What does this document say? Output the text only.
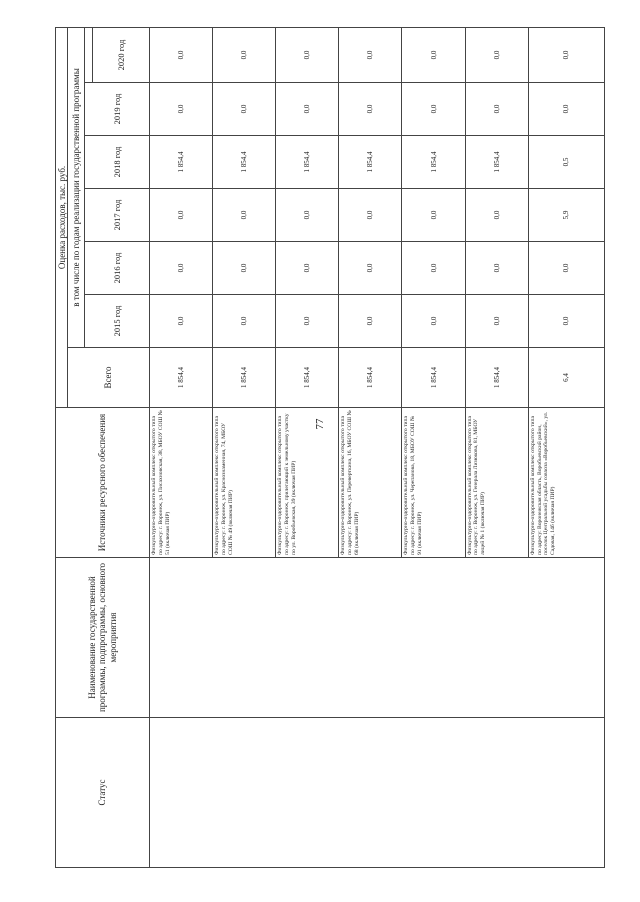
77
Статус	Наименование государственной программы, подпрограммы, основного мероприятия	Источники ресурсного обеспечения	Оценка расходов, тыс. руб.						
			Всего	в том числе по годам реализации государственной программы					
				2015 год	2016 год	2017 год	2018 год	2019 год	
									2020 год
		Физкультурно-оздоровительный комплекс открытого типа по адресу: г. Воронеж, ул. Писахновская, 38, МБОУ СОШ № 51 (включая ПИР)	1 854,4	0,0	0,0	0,0	1 854,4	0,0	0,0
		Физкультурно-оздоровительный комплекс открытого типа по адресу: г. Воронеж, ул. Краснознаменная, 74, МБОУ СОШ № 49 (включая ПИР)	1 854,4	0,0	0,0	0,0	1 854,4	0,0	0,0
		Физкультурно-оздоровительный комплекс открытого типа по адресу: г. Воронеж, прилегающий к земельному участку по ул. Воробьевская, 39 (включая ПИР)	1 854,4	0,0	0,0	0,0	1 854,4	0,0	0,0
		Физкультурно-оздоровительный комплекс открытого типа по адресу: г. Воронеж, ул. Переверткина, 16, МБОУ СОШ № 68 (включая ПИР)	1 854,4	0,0	0,0	0,0	1 854,4	0,0	0,0
		Физкультурно-оздоровительный комплекс открытого типа по адресу: г. Воронеж, ул. Черепанова, 18, МБОУ СОШ № 91 (включая ПИР)	1 854,4	0,0	0,0	0,0	1 854,4	0,0	0,0
		Физкультурно-оздоровительный комплекс открытого типа по адресу: г. Воронеж, ул. Генерала Лизюкова, 81, МБОУ лицей № 1 (включая ПИР)	1 854,4	0,0	0,0	0,0	1 854,4	0,0	0,0
		Физкультурно-оздоровительный комплекс открытого типа по адресу: Воронежская область, Воробьевский район, поселок Центральной усадьбы совхоза «Воробьевский», ул. Садовая, 14б (включая ПИР)	6,4	0,0	0,0	5,9	0,5	0,0	0,0
